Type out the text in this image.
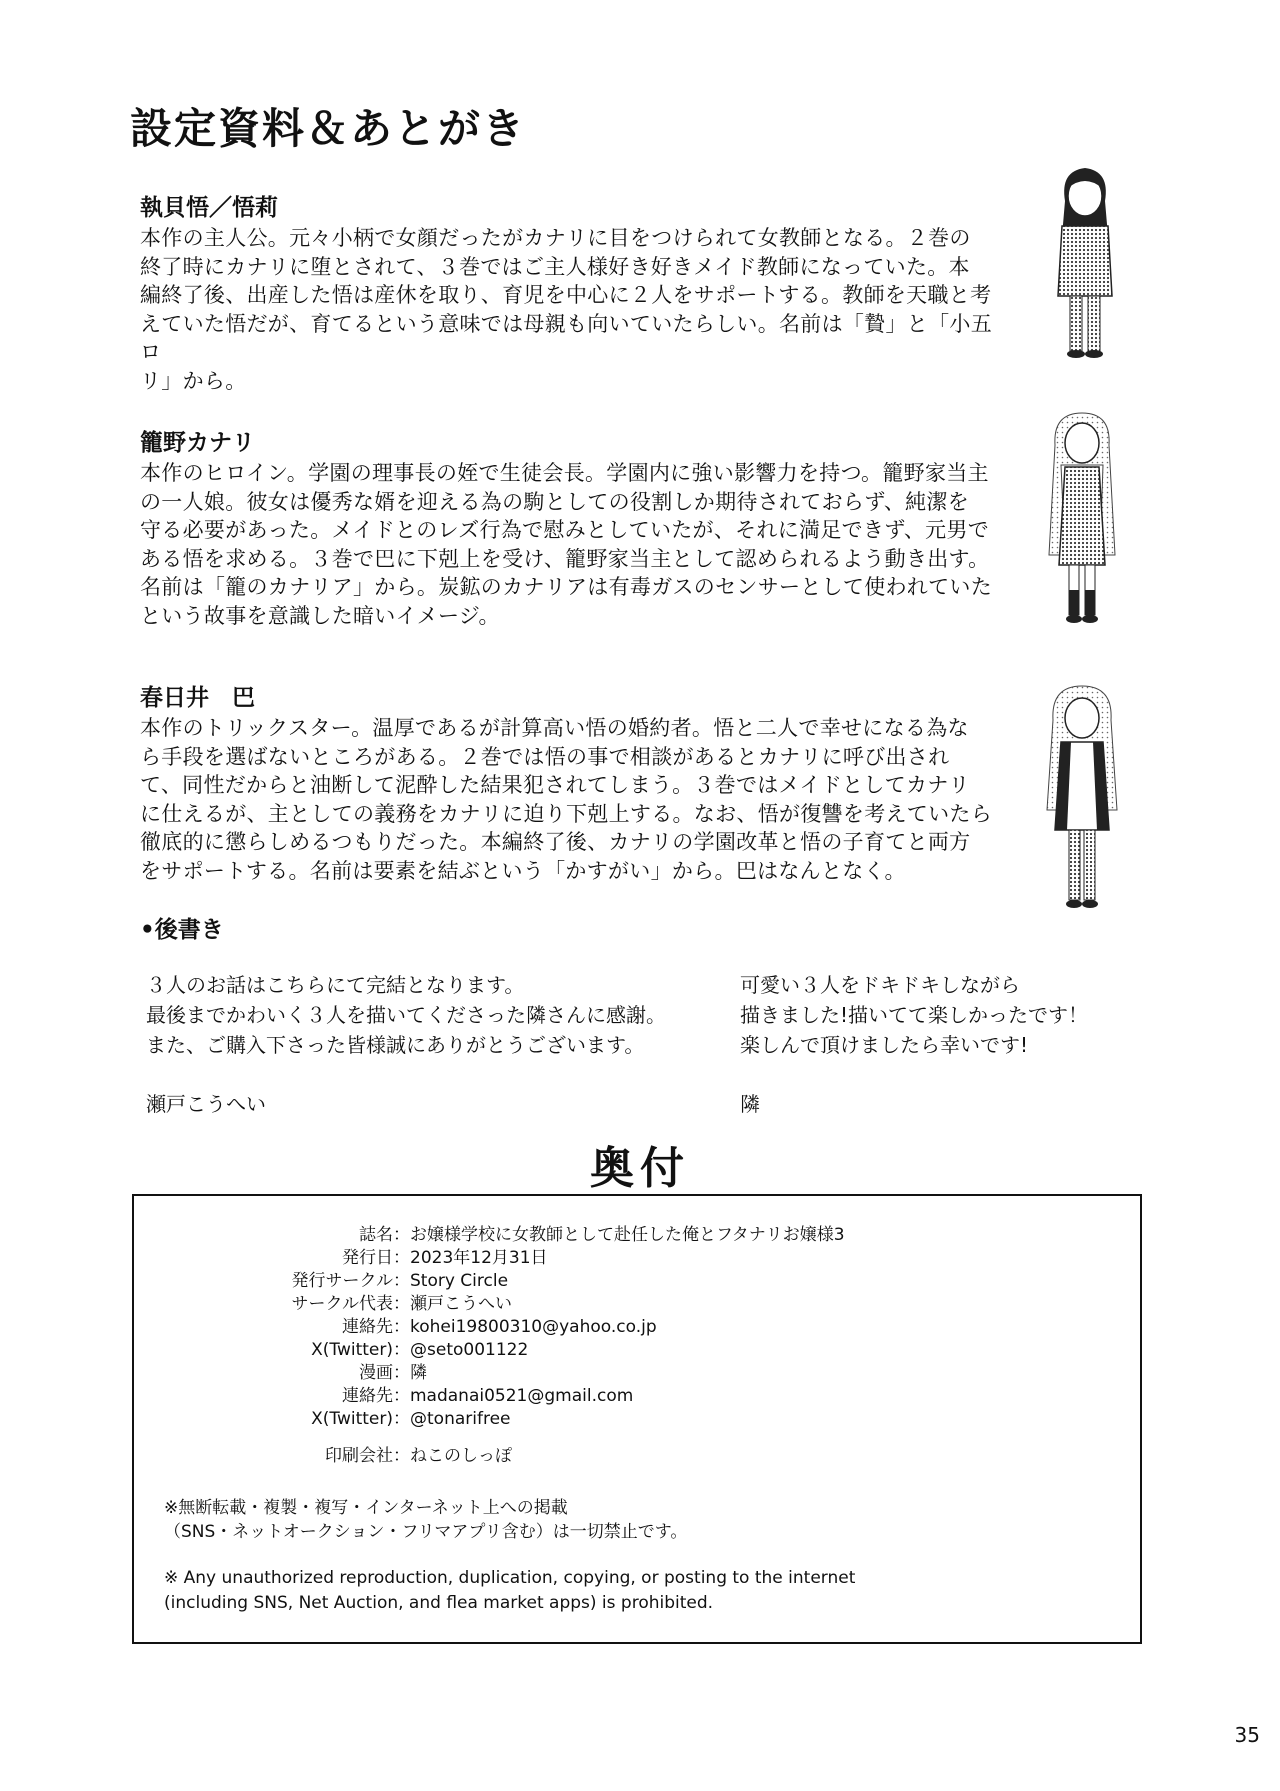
設定資料＆あとがき
執貝悟／悟莉

本作の主人公。元々小柄で女顔だったがカナリに目をつけられて女教師となる。２巻の
終了時にカナリに堕とされて、３巻ではご主人様好き好きメイド教師になっていた。本
編終了後、出産した悟は産休を取り、育児を中心に２人をサポートする。教師を天職と考
えていた悟だが、育てるという意味では母親も向いていたらしい。名前は「贄」と「小五ロ
リ」から。

籠野カナリ

本作のヒロイン。学園の理事長の姪で生徒会長。学園内に強い影響力を持つ。籠野家当主
の一人娘。彼女は優秀な婿を迎える為の駒としての役割しか期待されておらず、純潔を
守る必要があった。メイドとのレズ行為で慰みとしていたが、それに満足できず、元男で
ある悟を求める。３巻で巴に下剋上を受け、籠野家当主として認められるよう動き出す。
名前は「籠のカナリア」から。炭鉱のカナリアは有毒ガスのセンサーとして使われていた
という故事を意識した暗いイメージ。

春日井　巴

本作のトリックスター。温厚であるが計算高い悟の婚約者。悟と二人で幸せになる為な
ら手段を選ばないところがある。２巻では悟の事で相談があるとカナリに呼び出され
て、同性だからと油断して泥酔した結果犯されてしまう。３巻ではメイドとしてカナリ
に仕えるが、主としての義務をカナリに迫り下剋上する。なお、悟が復讐を考えていたら
徹底的に懲らしめるつもりだった。本編終了後、カナリの学園改革と悟の子育てと両方
をサポートする。名前は要素を結ぶという「かすがい」から。巴はなんとなく。

•後書き

３人のお話はこちらにて完結となります。
最後までかわいく３人を描いてくださった隣さんに感謝。
また、ご購入下さった皆様誠にありがとうございます。

瀬戸こうへい

可愛い３人をドキドキしながら
描きました!描いてて楽しかったです！
楽しんで頂けましたら幸いです!

隣
奥付
誌名：	お嬢様学校に女教師として赴任した俺とフタナリお嬢様3
発行日：	2023年12月31日
発行サークル：	Story Circle
サークル代表：	瀬戸こうへい
連絡先：	kohei19800310@yahoo.co.jp
X(Twitter)：	@seto001122
漫画：	隣
連絡先：	madanai0521@gmail.com
X(Twitter)：	@tonarifree

印刷会社：	ねこのしっぽ

※無断転載・複製・複写・インターネット上への掲載
（SNS・ネットオークション・フリマアプリ含む）は一切禁止です。

※ Any unauthorized reproduction, duplication, copying, or posting to the internet
(including SNS, Net Auction, and flea market apps) is prohibited.

35
